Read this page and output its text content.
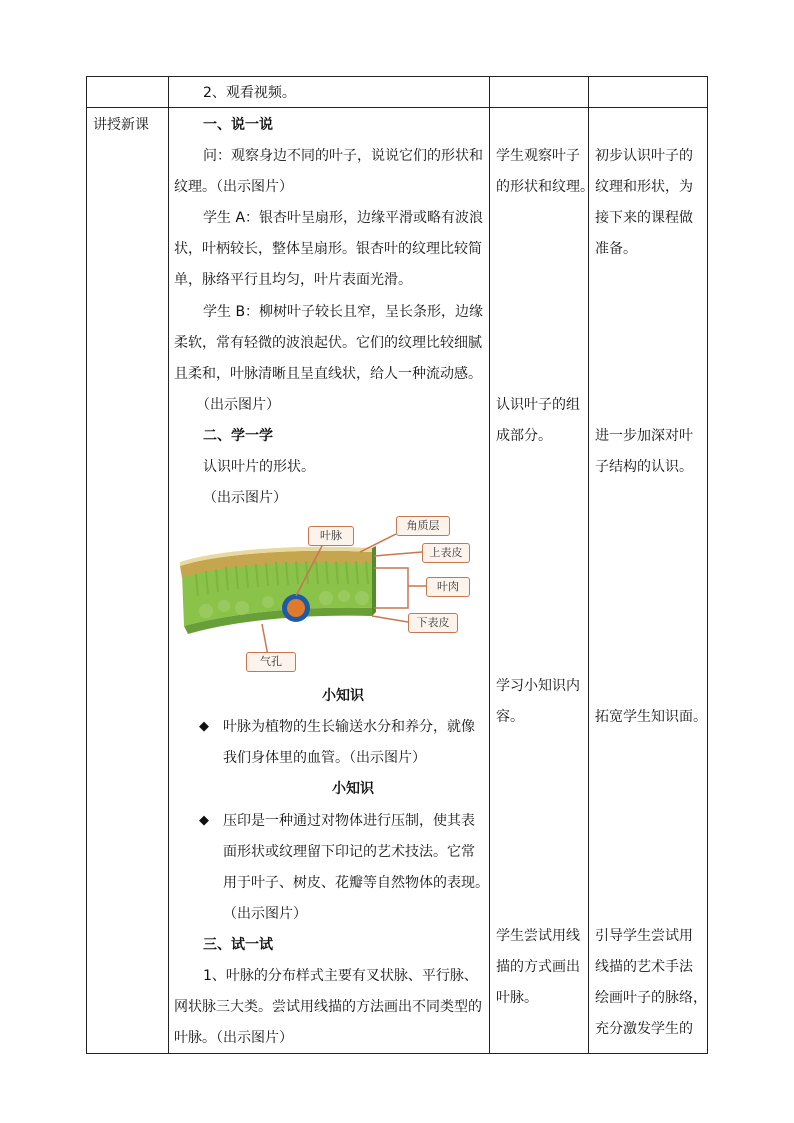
2、观看视频。
讲授新课	一、说一说
问：观察身边不同的叶子，说说它们的形状和
纹理。（出示图片）
学生 A：银杏叶呈扇形，边缘平滑或略有波浪
状，叶柄较长，整体呈扇形。银杏叶的纹理比较简
单，脉络平行且均匀，叶片表面光滑。
学生 B：柳树叶子较长且窄，呈长条形，边缘
柔软，常有轻微的波浪起伏。它们的纹理比较细腻
且柔和，叶脉清晰且呈直线状，给人一种流动感。
（出示图片）
二、学一学
认识叶片的形状。
（出示图片）
叶脉
角质层
上表皮
叶肉
下表皮
气孔
小知识
◆ 叶脉为植物的生长输送水分和养分，就像
我们身体里的血管。（出示图片）
小知识
◆ 压印是一种通过对物体进行压制，使其表
面形状或纹理留下印记的艺术技法。它常
用于叶子、树皮、花瓣等自然物体的表现。
（出示图片）
三、试一试
1、叶脉的分布样式主要有叉状脉、平行脉、
网状脉三大类。尝试用线描的方法画出不同类型的
叶脉。（出示图片）
学生观察叶子
的形状和纹理。
认识叶子的组
成部分。
学习小知识内
容。
学生尝试用线
描的方式画出
叶脉。
初步认识叶子的
纹理和形状，为
接下来的课程做
准备。
进一步加深对叶
子结构的认识。
拓宽学生知识面。
引导学生尝试用
线描的艺术手法
绘画叶子的脉络，
充分激发学生的
